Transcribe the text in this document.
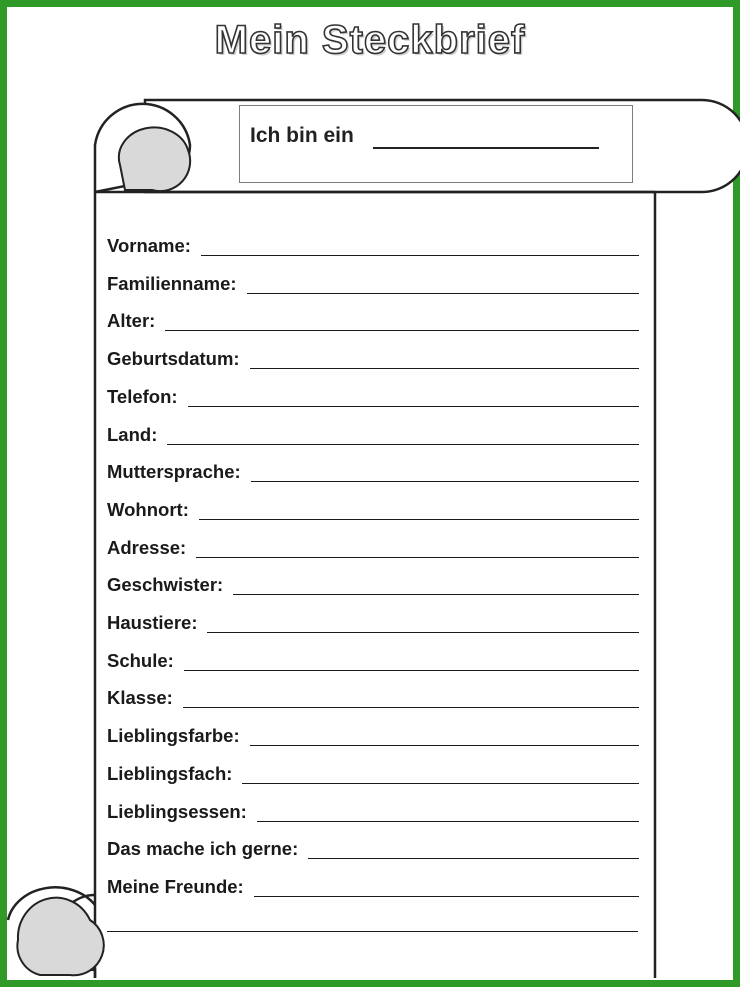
Mein Steckbrief
Ich bin ein
Vorname:
Familienname:
Alter:
Geburtsdatum:
Telefon:
Land:
Muttersprache:
Wohnort:
Adresse:
Geschwister:
Haustiere:
Schule:
Klasse:
Lieblingsfarbe:
Lieblingsfach:
Lieblingsessen:
Das mache ich gerne:
Meine Freunde:
